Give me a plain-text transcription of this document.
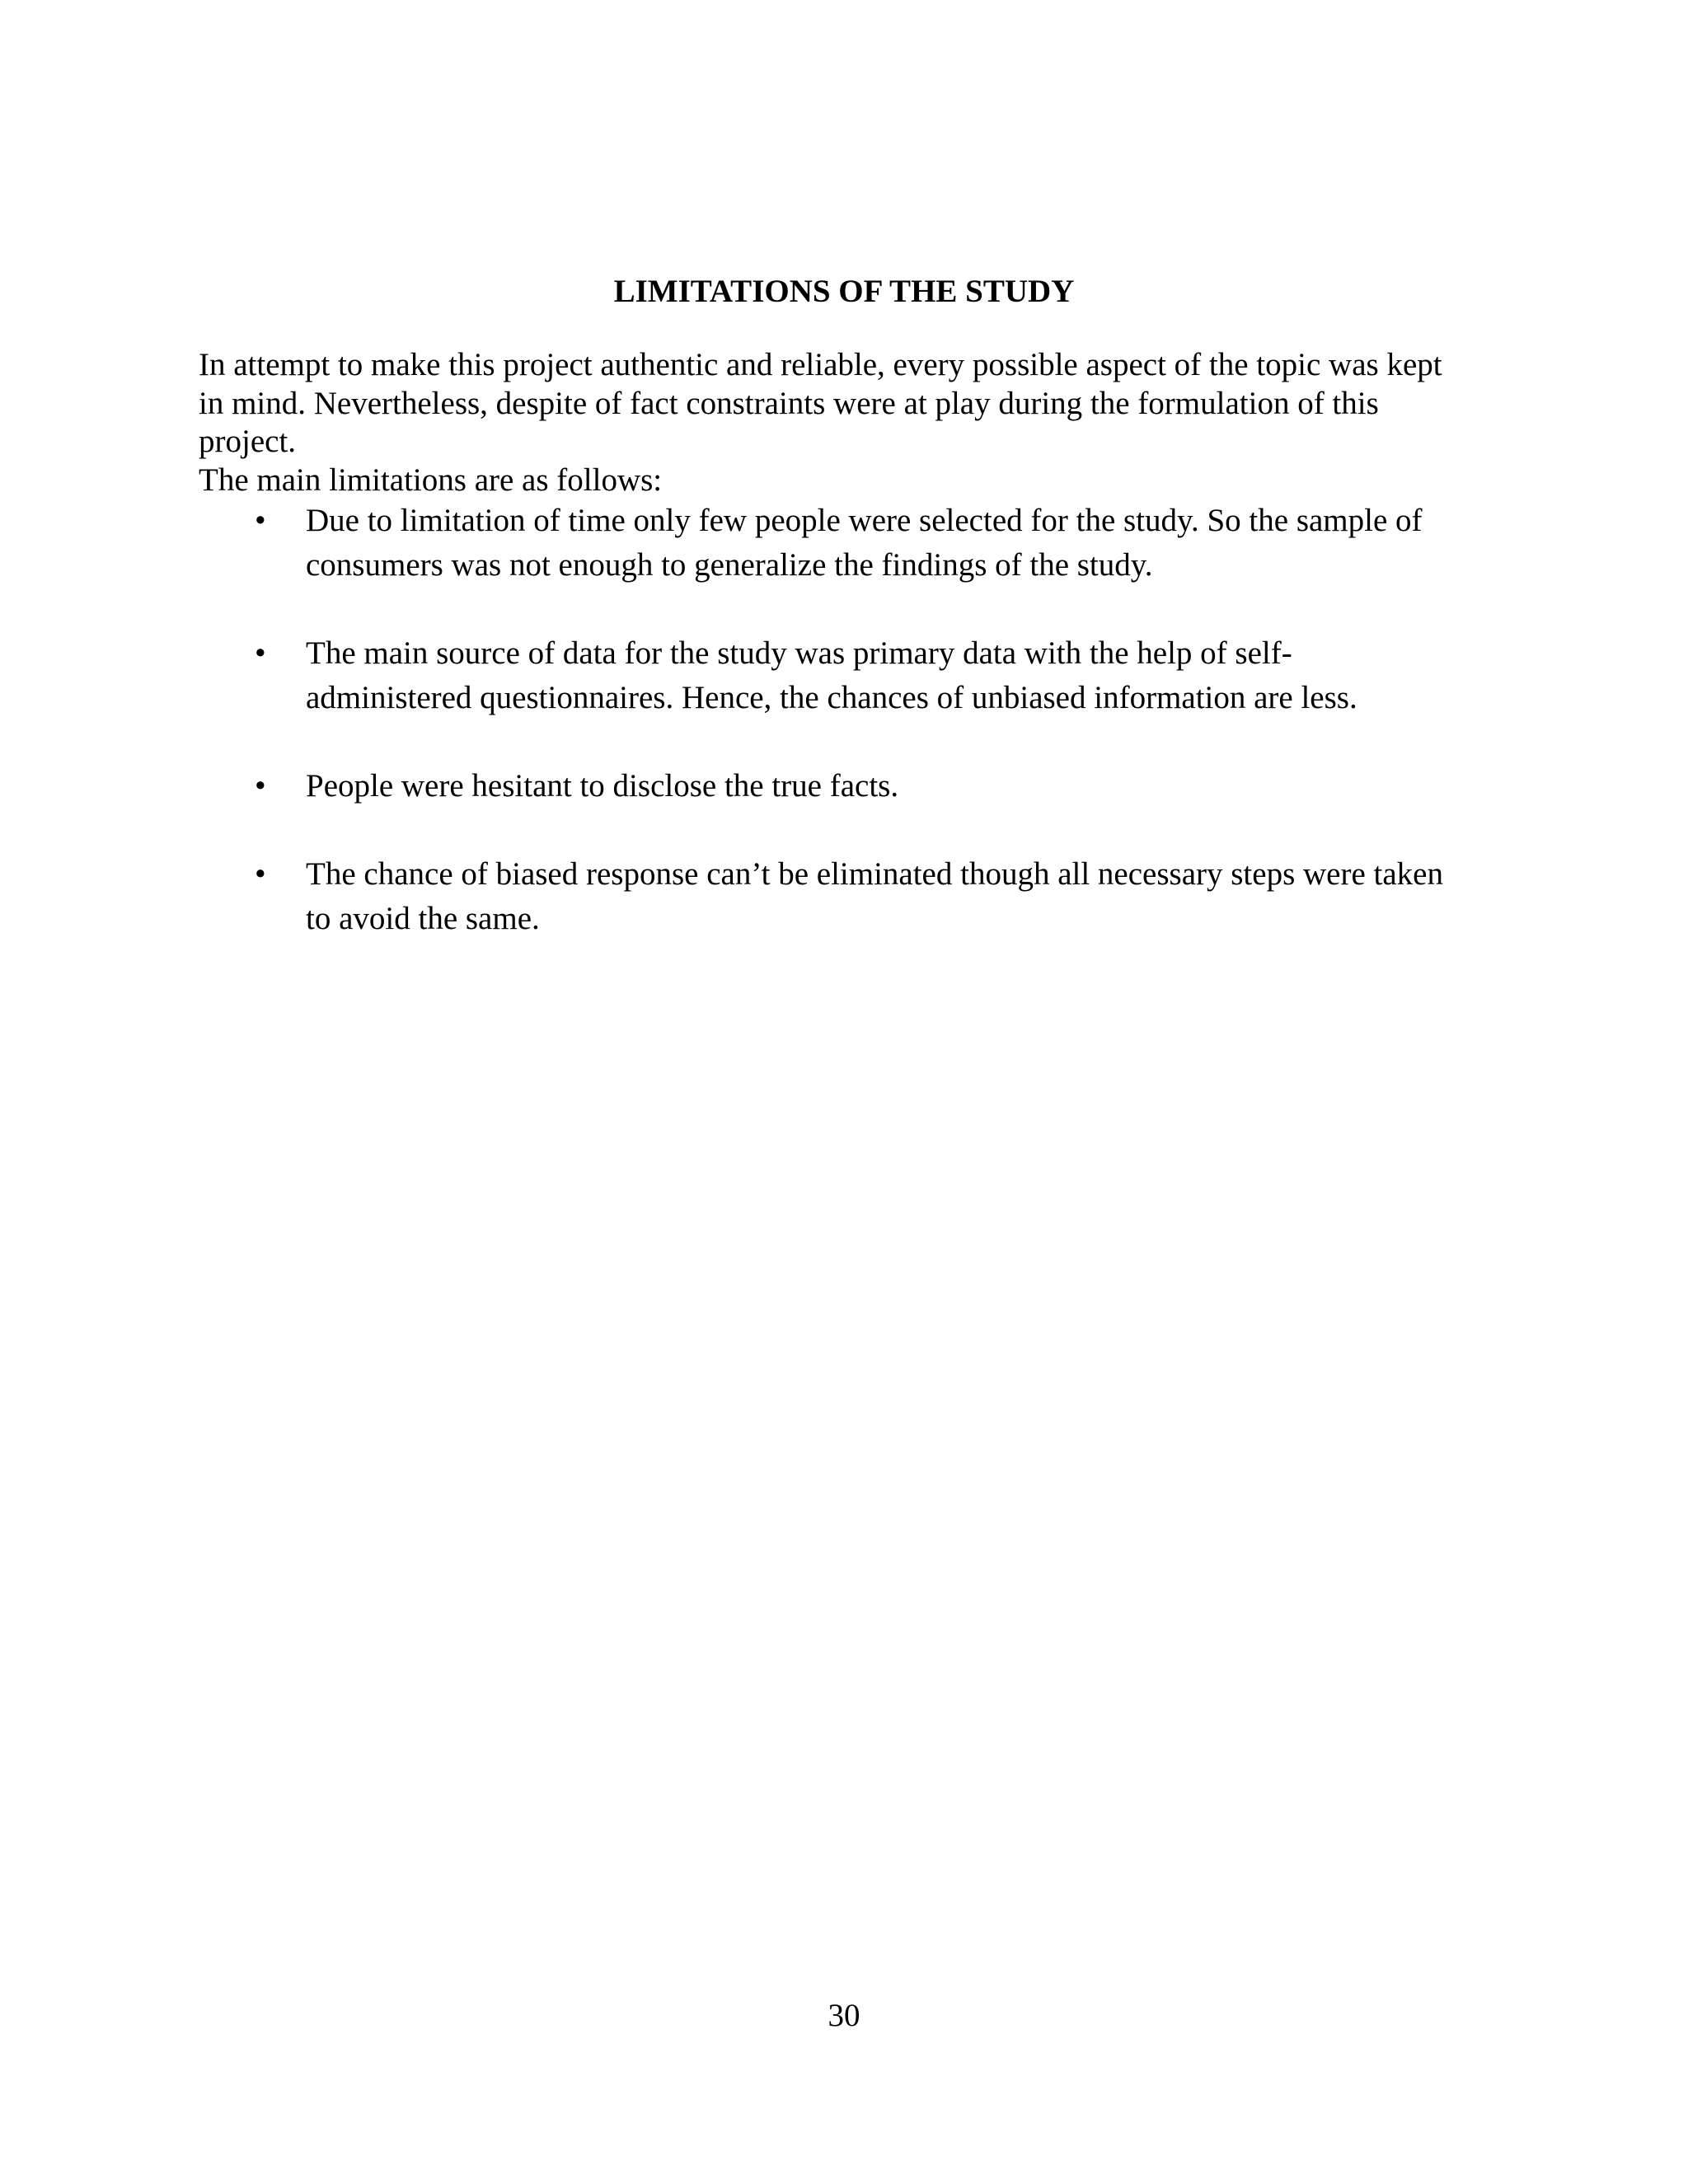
LIMITATIONS OF THE STUDY

In attempt to make this project authentic and reliable, every possible aspect of the topic was kept
in mind. Nevertheless, despite of fact constraints were at play during the formulation of this
project.
The main limitations are as follows:

• Due to limitation of time only few people were selected for the study. So the sample of
consumers was not enough to generalize the findings of the study.
• The main source of data for the study was primary data with the help of self-
administered questionnaires. Hence, the chances of unbiased information are less.
• People were hesitant to disclose the true facts.
• The chance of biased response can’t be eliminated though all necessary steps were taken
to avoid the same.

30
